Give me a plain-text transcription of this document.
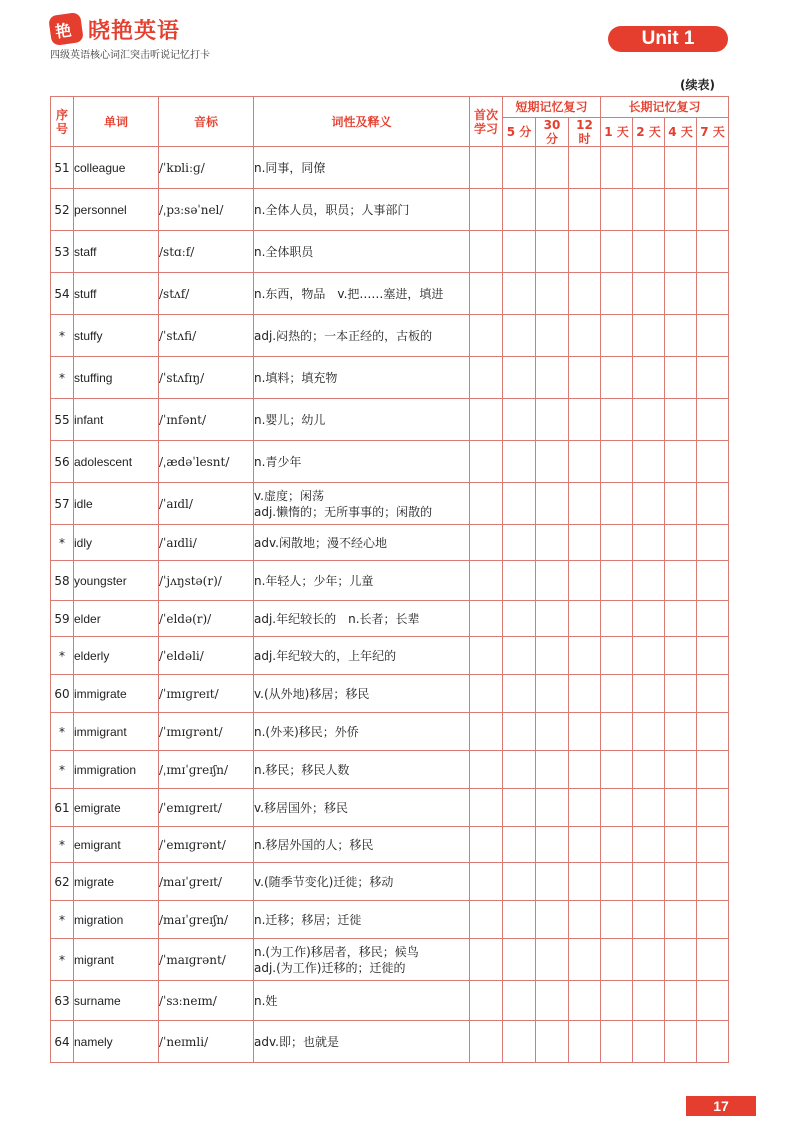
艳 晓艳英语
四级英语核心词汇突击听说记忆打卡
Unit 1
(续表)
序号	单词	音标	词性及释义	首次学习	短期记忆复习			长期记忆复习			
					5 分	30 分	12 时	1 天	2 天	4 天	7 天
51	colleague	/ˈkɒliːɡ/	n.同事，同僚								

52	personnel	/ˌpɜːsəˈnel/	n.全体人员，职员；人事部门								

53	staff	/stɑːf/	n.全体职员								

54	stuff	/stʌf/	n.东西，物品　v.把……塞进，填进								

*	stuffy	/ˈstʌfi/	adj.闷热的；一本正经的，古板的								

*	stuffing	/ˈstʌfɪŋ/	n.填料；填充物								

55	infant	/ˈɪnfənt/	n.婴儿；幼儿								

56	adolescent	/ˌædəˈlesnt/	n.青少年								

57	idle	/ˈaɪdl/	v.虚度；闲荡
adj.懒惰的；无所事事的；闲散的								

*	idly	/ˈaɪdli/	adv.闲散地；漫不经心地								

58	youngster	/ˈjʌŋstə(r)/	n.年轻人；少年；儿童								

59	elder	/ˈeldə(r)/	adj.年纪较长的　n.长者；长辈								

*	elderly	/ˈeldəli/	adj.年纪较大的，上年纪的								

60	immigrate	/ˈɪmɪɡreɪt/	v.(从外地)移居；移民								

*	immigrant	/ˈɪmɪɡrənt/	n.(外来)移民；外侨								

*	immigration	/ˌɪmɪˈɡreɪʃn/	n.移民；移民人数								

61	emigrate	/ˈemɪɡreɪt/	v.移居国外；移民								

*	emigrant	/ˈemɪɡrənt/	n.移居外国的人；移民								

62	migrate	/maɪˈɡreɪt/	v.(随季节变化)迁徙；移动								

*	migration	/maɪˈɡreɪʃn/	n.迁移；移居；迁徙								

*	migrant	/ˈmaɪɡrənt/	n.(为工作)移居者，移民；候鸟
adj.(为工作)迁移的；迁徙的								

63	surname	/ˈsɜːneɪm/	n.姓								

64	namely	/ˈneɪmli/	adv.即；也就是								

17
